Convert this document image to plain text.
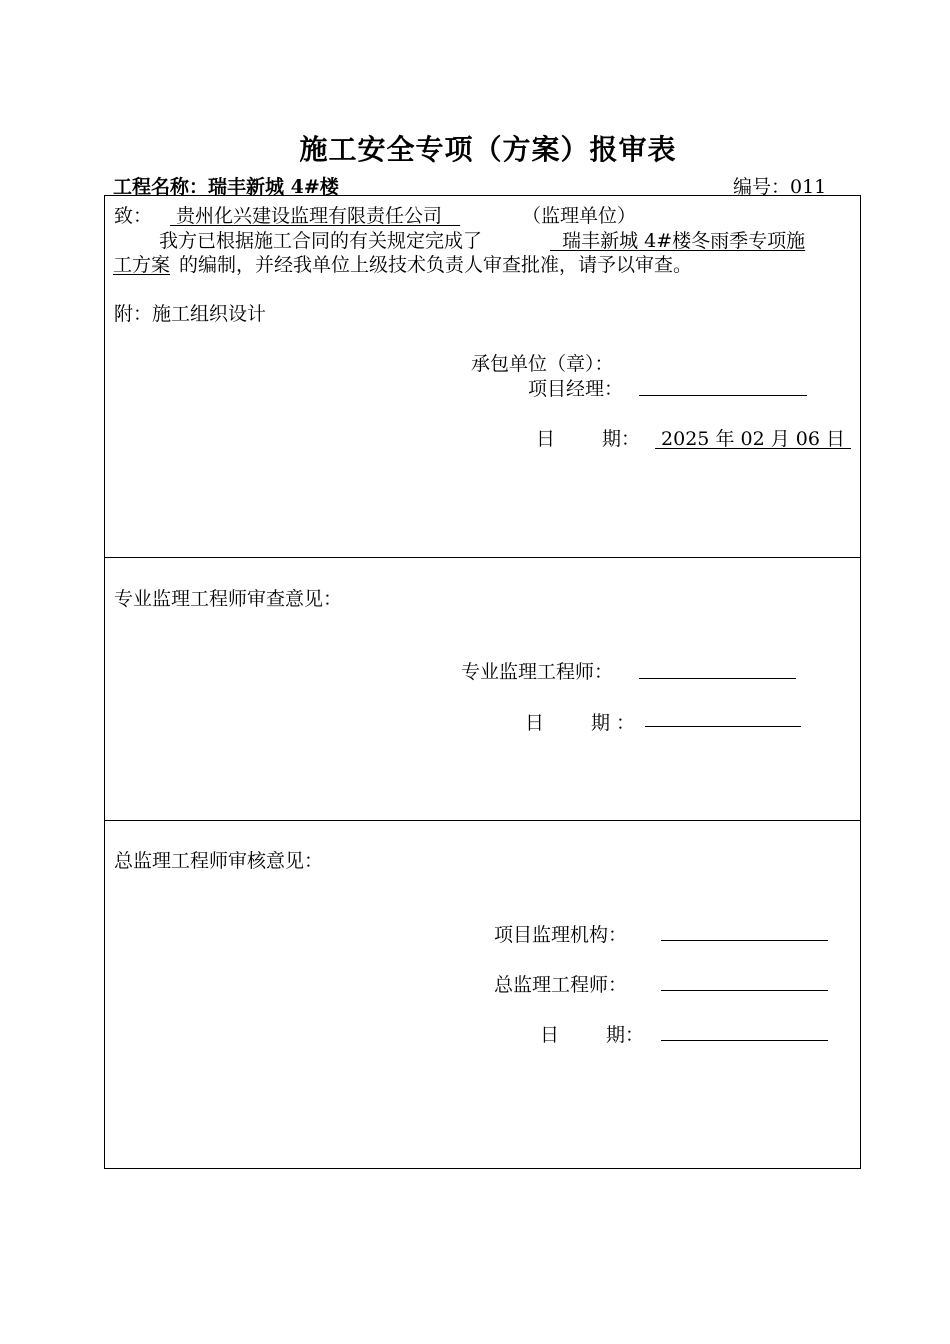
施工安全专项（方案）报审表
工程名称：瑞丰新城 4#楼	编号：011
致：	贵州化兴建设监理有限责任公司	（监理单位）
我方已根据施工合同的有关规定完成了	瑞丰新城 4#楼冬雨季专项施
工方案 的编制，并经我单位上级技术负责人审查批准，请予以审查。
附：施工组织设计
承包单位（章）：
项目经理：
日 期：	2025 年 02 月 06 日
专业监理工程师审查意见：
专业监理工程师：
日 期 ：
总监理工程师审核意见：
项目监理机构：
总监理工程师：
日 期：
